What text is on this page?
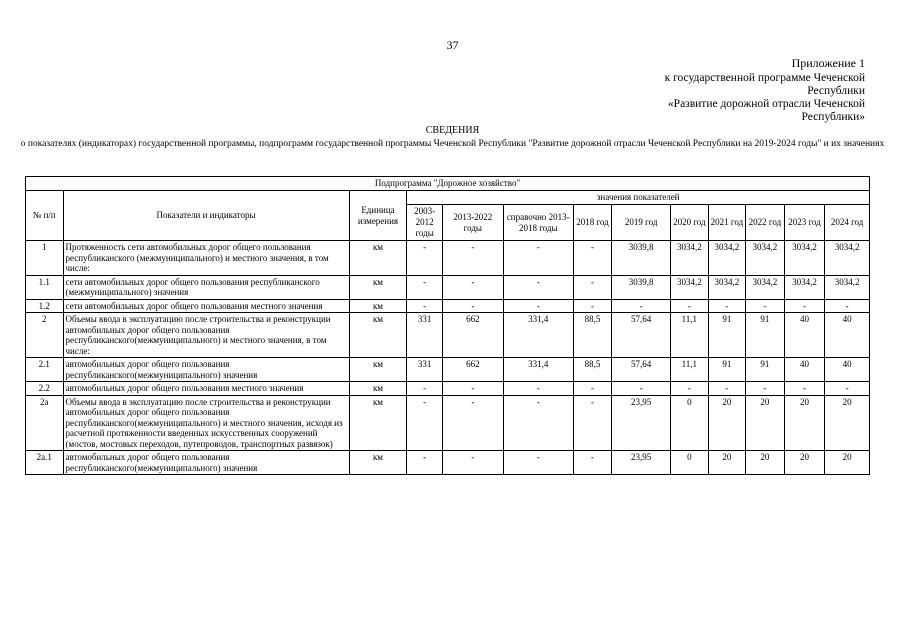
37
Приложение 1
к государственной программе Чеченской
Республики
«Развитие дорожной отрасли Чеченской
Республики»
СВЕДЕНИЯ
о показателях (индикаторах) государственной программы, подпрограмм государственной программы Чеченской Республики "Развитие дорожной отрасли Чеченской Республики на 2019-2024 годы" и их значениях
Подпрограмма "Дорожное хозяйство"												
№ п/п	Показатели и индикаторы	Единица измерения	значения показателей									
			2003-2012 годы	2013-2022 годы	справочно 2013-2018 годы	2018 год	2019 год	2020 год	2021 год	2022 год	2023 год	2024 год
1	Протяженность сети автомобильных дорог общего пользования республиканского (межмуниципального) и местного значения, в том числе:	км	-	-	-	-	3039,8	3034,2	3034,2	3034,2	3034,2	3034,2
1.1	сети автомобильных дорог общего пользования республиканского (межмуниципального) значения	км	-	-	-	-	3039,8	3034,2	3034,2	3034,2	3034,2	3034,2
1.2	сети автомобильных дорог общего пользования местного значения	км	-	-	-	-	-	-	-	-	-	-
2	Объемы ввода в эксплуатацию после строительства и реконструкции автомобильных дорог общего пользования республиканского(межмуниципального) и местного значения, в том числе:	км	331	662	331,4	88,5	57,64	11,1	91	91	40	40
2.1	автомобильных дорог общего пользования республиканского(межмуниципального) значения	км	331	662	331,4	88,5	57,64	11,1	91	91	40	40
2.2	автомобильных дорог общего пользования местного значения	км	-	-	-	-	-	-	-	-	-	-
2а	Объемы ввода в эксплуатацию после строительства и реконструкции автомобильных дорог общего пользования республиканского(межмуниципального) и местного значения, исходя из расчетной протяженности введенных искусственных сооружений (мостов, мостовых переходов, путепроводов, транспортных развязок)	км	-	-	-	-	23,95	0	20	20	20	20
2а.1	автомобильных дорог общего пользования республиканского(межмуниципального) значения	км	-	-	-	-	23,95	0	20	20	20	20
